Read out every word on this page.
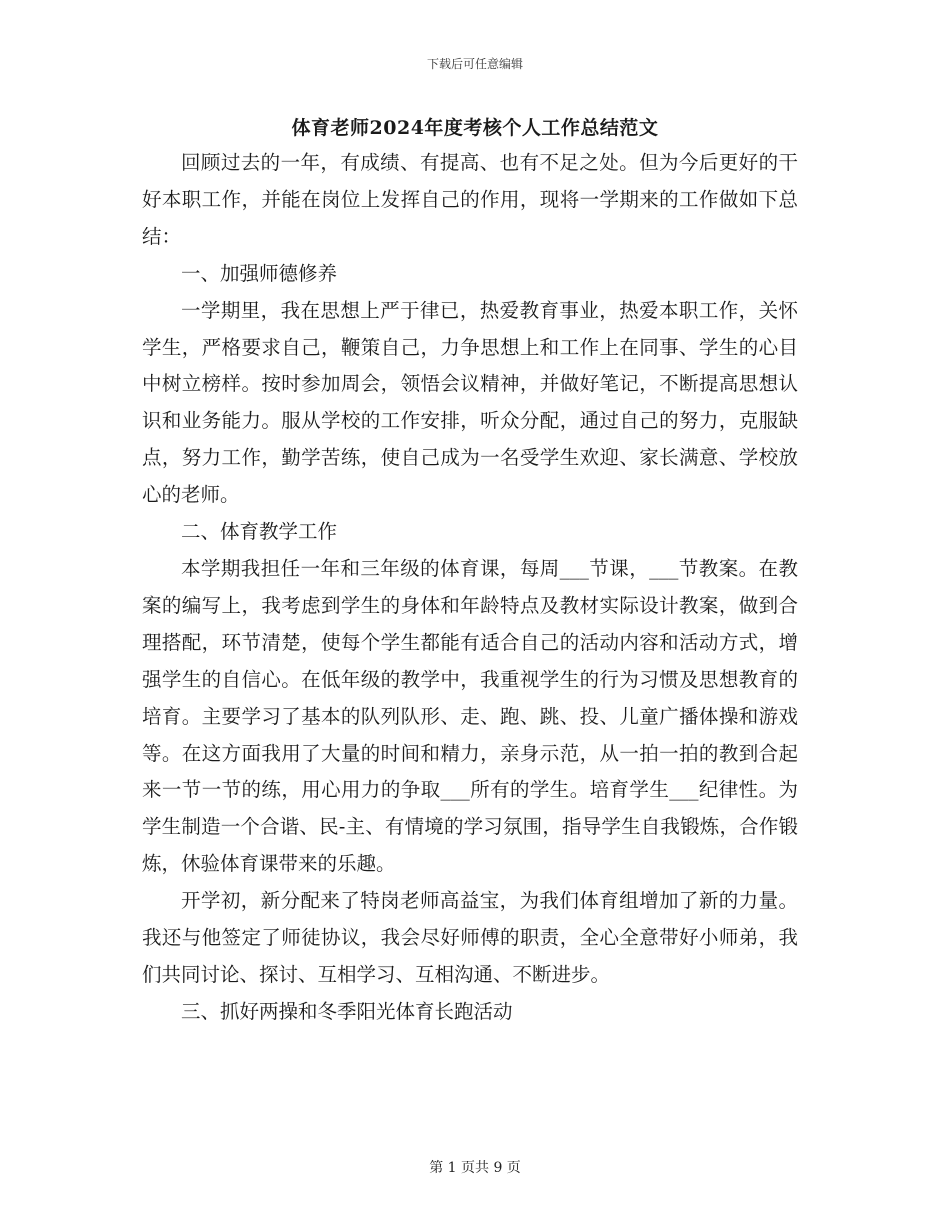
下载后可任意编辑
体育老师2024年度考核个人工作总结范文

回顾过去的一年，有成绩、有提高、也有不足之处。但为今后更好的干好本职工作，并能在岗位上发挥自己的作用，现将一学期来的工作做如下总结：

一、加强师德修养

一学期里，我在思想上严于律已，热爱教育事业，热爱本职工作，关怀学生，严格要求自己，鞭策自己，力争思想上和工作上在同事、学生的心目中树立榜样。按时参加周会，领悟会议精神，并做好笔记，不断提高思想认识和业务能力。服从学校的工作安排，听众分配，通过自己的努力，克服缺点，努力工作，勤学苦练，使自己成为一名受学生欢迎、家长满意、学校放心的老师。

二、体育教学工作

本学期我担任一年和三年级的体育课，每周___节课，___节教案。在教案的编写上，我考虑到学生的身体和年龄特点及教材实际设计教案，做到合理搭配，环节清楚，使每个学生都能有适合自己的活动内容和活动方式，增强学生的自信心。在低年级的教学中，我重视学生的行为习惯及思想教育的培育。主要学习了基本的队列队形、走、跑、跳、投、儿童广播体操和游戏等。在这方面我用了大量的时间和精力，亲身示范，从一拍一拍的教到合起来一节一节的练，用心用力的争取___所有的学生。培育学生___纪律性。为学生制造一个合谐、民-主、有情境的学习氛围，指导学生自我锻炼，合作锻炼，休验体育课带来的乐趣。

开学初，新分配来了特岗老师高益宝，为我们体育组增加了新的力量。我还与他签定了师徒协议，我会尽好师傅的职责，全心全意带好小师弟，我们共同讨论、探讨、互相学习、互相沟通、不断进步。

三、抓好两操和冬季阳光体育长跑活动

第 1 页共 9 页
